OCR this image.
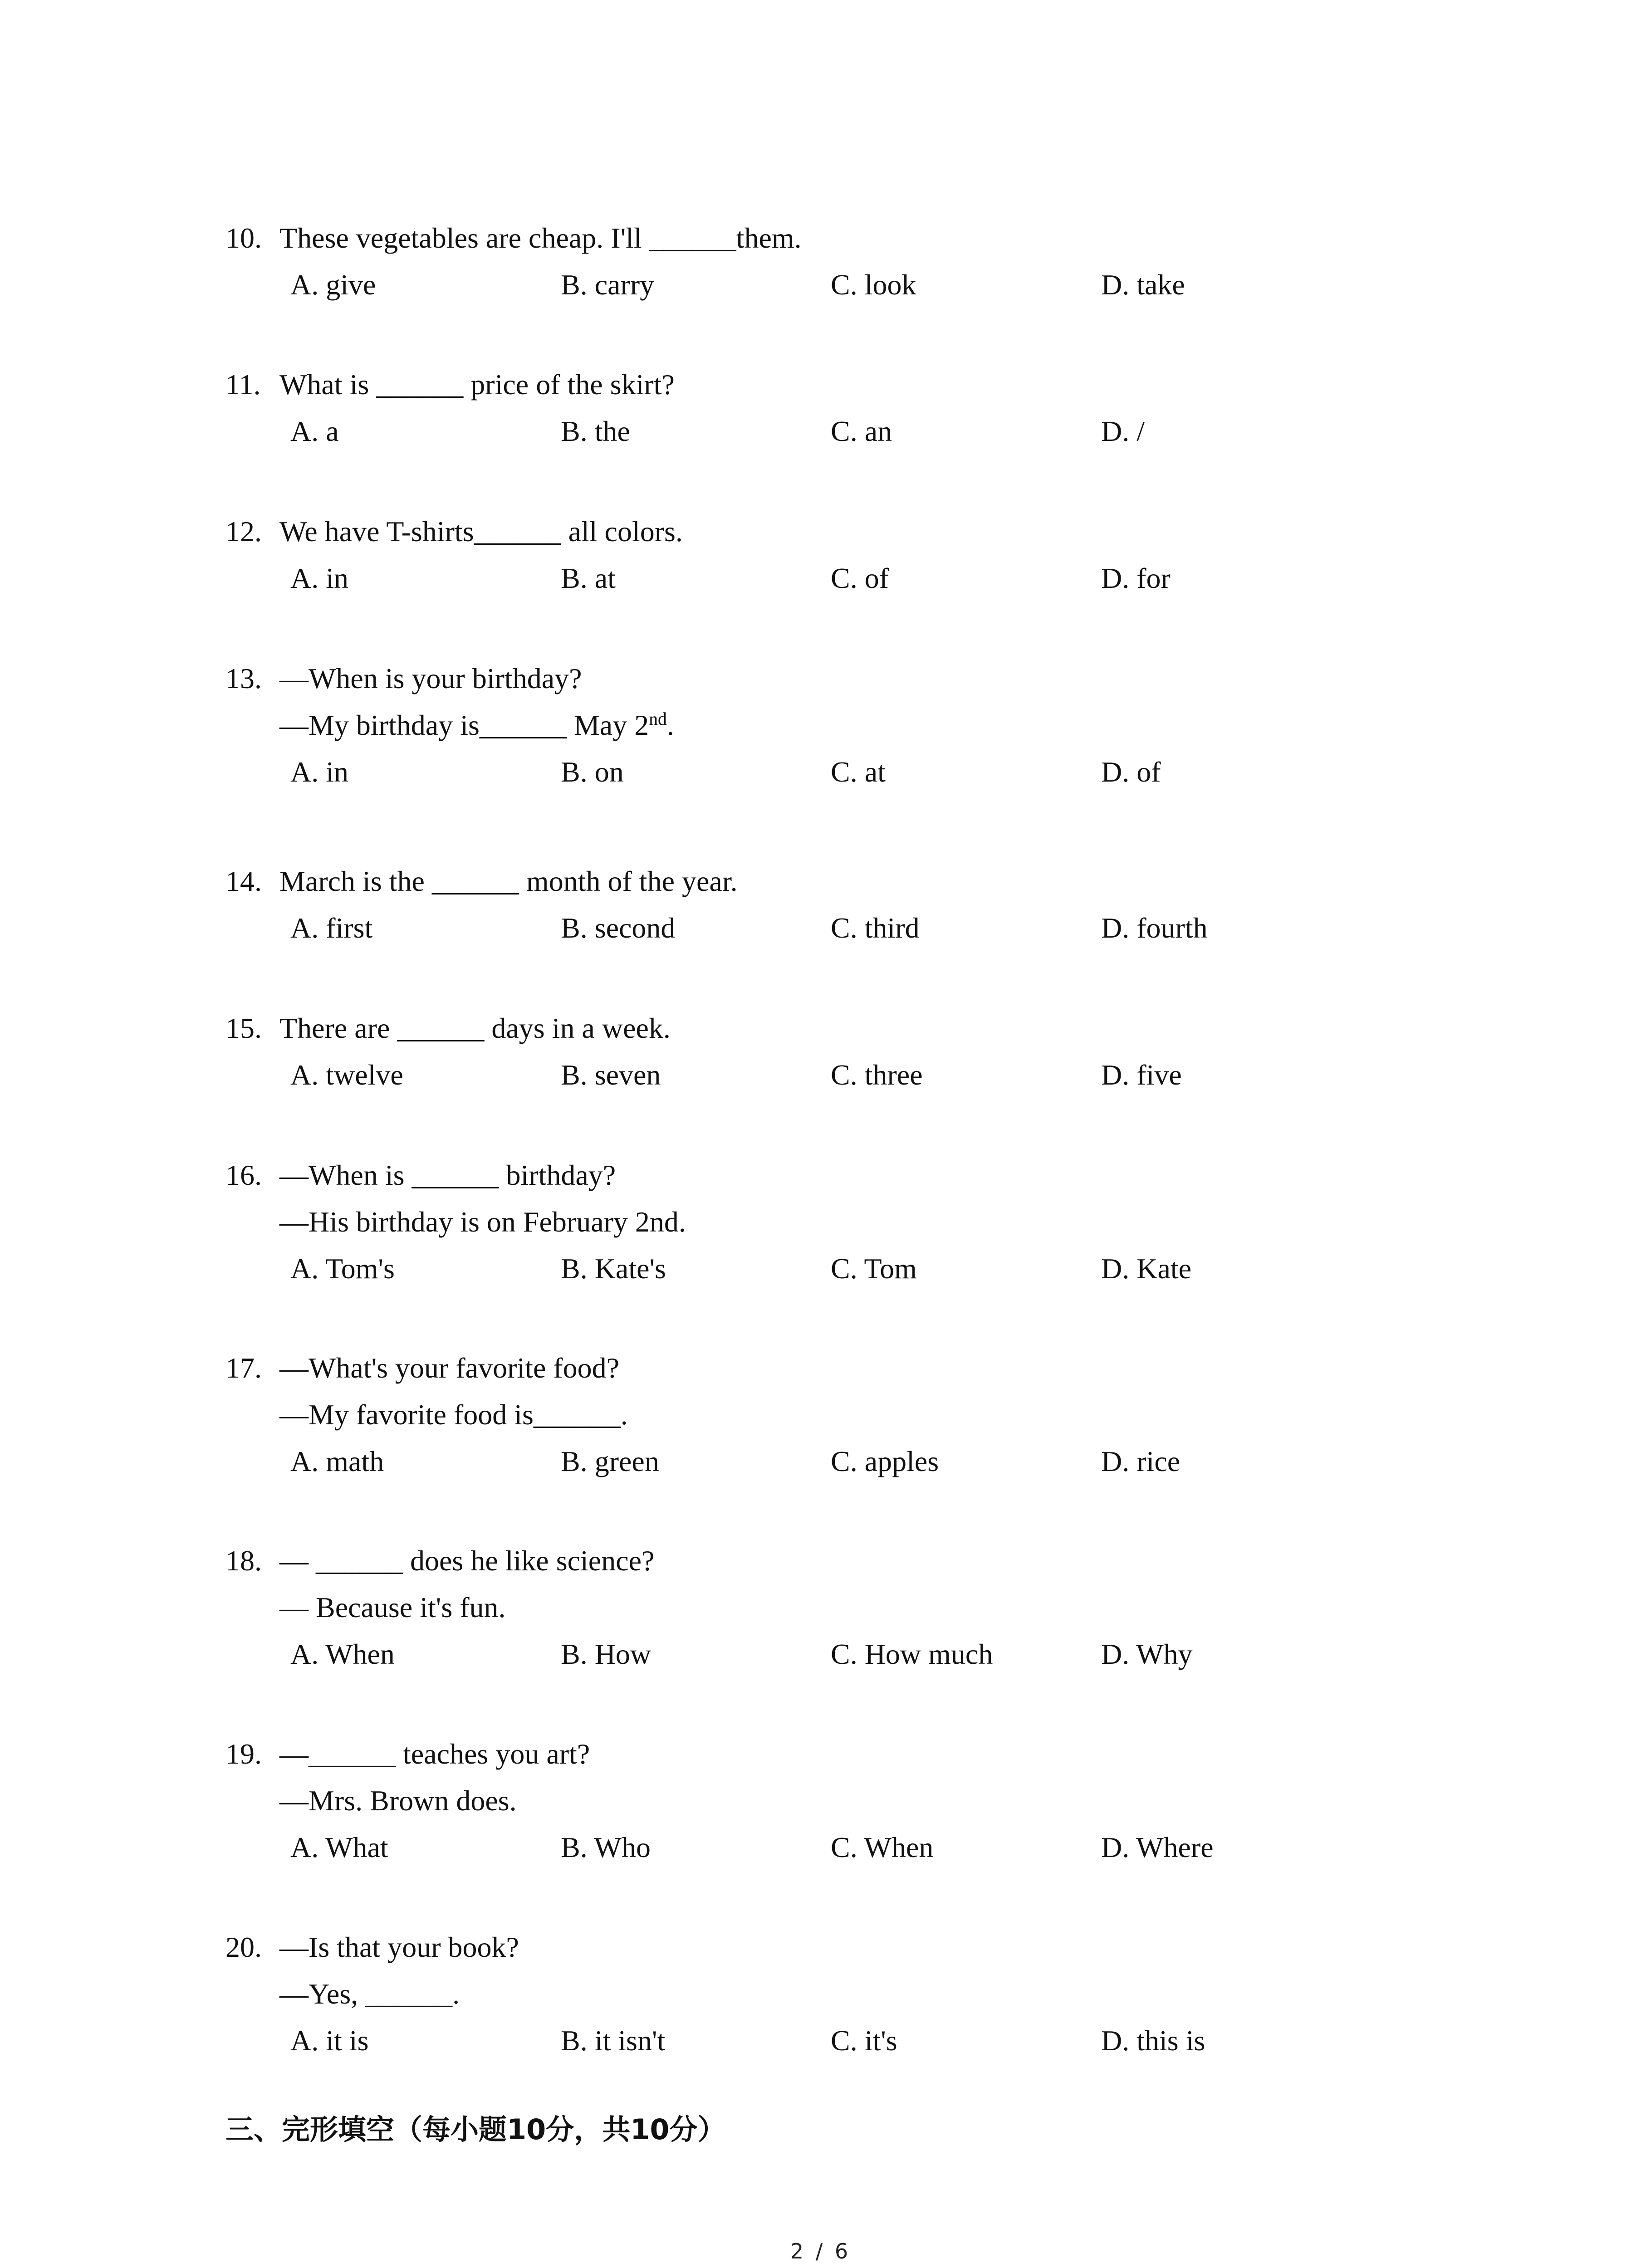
10. These vegetables are cheap. I'll ______them.
A. give	B. carry	C. look	D. take
11. What is ______ price of the skirt?
A. a	B. the	C. an	D. /
12. We have T-shirts______ all colors.
A. in	B. at	C. of	D. for
13. —When is your birthday?
—My birthday is______ May 2nd.
A. in	B. on	C. at	D. of
14. March is the ______ month of the year.
A. first	B. second	C. third	D. fourth
15. There are ______ days in a week.
A. twelve	B. seven	C. three	D. five
16. —When is ______ birthday?
—His birthday is on February 2nd.
A. Tom's	B. Kate's	C. Tom	D. Kate
17. —What's your favorite food?
—My favorite food is______.
A. math	B. green	C. apples	D. rice
18. — ______ does he like science?
— Because it's fun.
A. When	B. How	C. How much	D. Why
19. —______ teaches you art?
—Mrs. Brown does.
A. What	B. Who	C. When	D. Where
20. —Is that your book?
—Yes, ______.
A. it is	B. it isn't	C. it's	D. this is
三、完形填空（每小题10分，共10分）
2 / 6
